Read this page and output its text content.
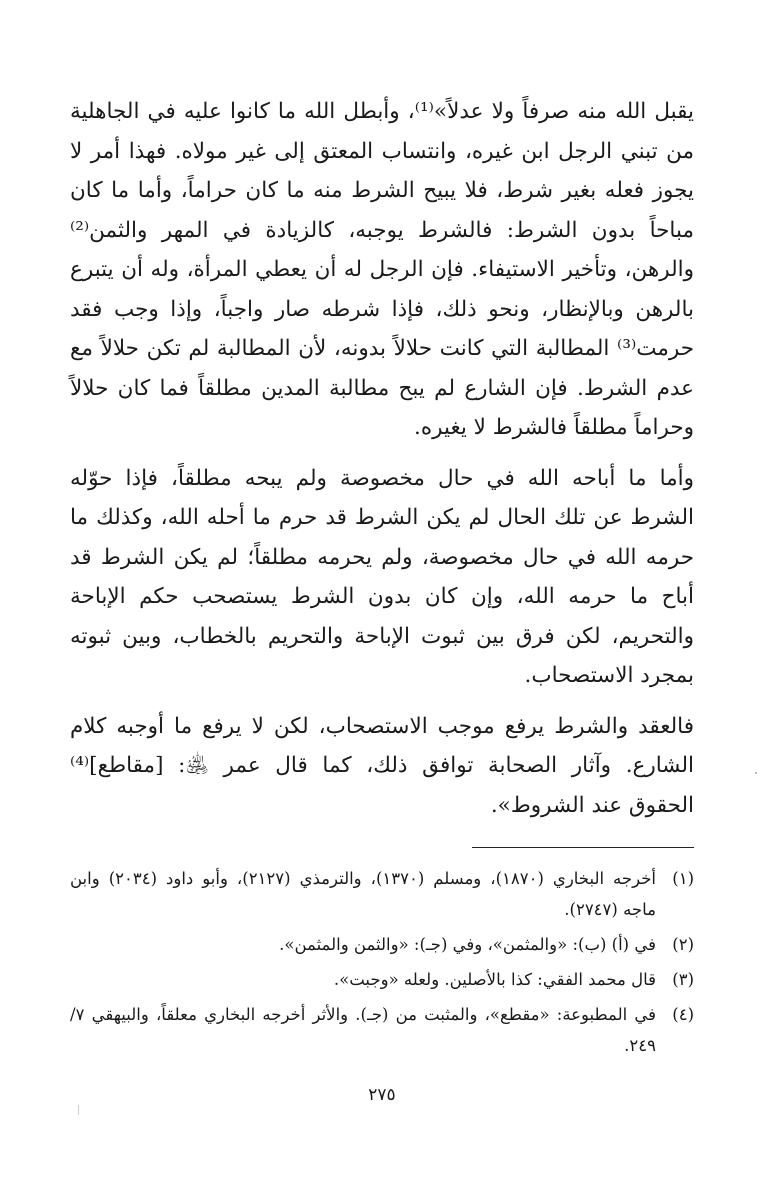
يقبل الله منه صرفاً ولا عدلاً»⁽¹⁾، وأبطل الله ما كانوا عليه في الجاهلية من تبني الرجل ابن غيره، وانتساب المعتق إلى غير مولاه. فهذا أمر لا يجوز فعله بغير شرط، فلا يبيح الشرط منه ما كان حراماً، وأما ما كان مباحاً بدون الشرط: فالشرط يوجبه، كالزيادة في المهر والثمن⁽²⁾ والرهن، وتأخير الاستيفاء. فإن الرجل له أن يعطي المرأة، وله أن يتبرع بالرهن وبالإنظار، ونحو ذلك، فإذا شرطه صار واجباً، وإذا وجب فقد حرمت⁽³⁾ المطالبة التي كانت حلالاً بدونه، لأن المطالبة لم تكن حلالاً مع عدم الشرط. فإن الشارع لم يبح مطالبة المدين مطلقاً فما كان حلالاً وحراماً مطلقاً فالشرط لا يغيره.

وأما ما أباحه الله في حال مخصوصة ولم يبحه مطلقاً، فإذا حوّله الشرط عن تلك الحال لم يكن الشرط قد حرم ما أحله الله، وكذلك ما حرمه الله في حال مخصوصة، ولم يحرمه مطلقاً؛ لم يكن الشرط قد أباح ما حرمه الله، وإن كان بدون الشرط يستصحب حكم الإباحة والتحريم، لكن فرق بين ثبوت الإباحة والتحريم بالخطاب، وبين ثبوته بمجرد الاستصحاب.

فالعقد والشرط يرفع موجب الاستصحاب، لكن لا يرفع ما أوجبه كلام الشارع. وآثار الصحابة توافق ذلك، كما قال عمر ﵁: [مقاطع]⁽⁴⁾ الحقوق عند الشروط».

(١)
أخرجه البخاري (١٨٧٠)، ومسلم (١٣٧٠)، والترمذي (٢١٢٧)، وأبو داود (٢٠٣٤) وابن ماجه (٢٧٤٧).
(٢)
في (أ) (ب): «والمثمن»، وفي (جـ): «والثمن والمثمن».
(٣)
قال محمد الفقي: كذا بالأصلين. ولعله «وجبت».
(٤)
في المطبوعة: «مقطع»، والمثبت من (جـ). والأثر أخرجه البخاري معلقاً، والبيهقي ٧/ ٢٤٩.
٢٧٥
